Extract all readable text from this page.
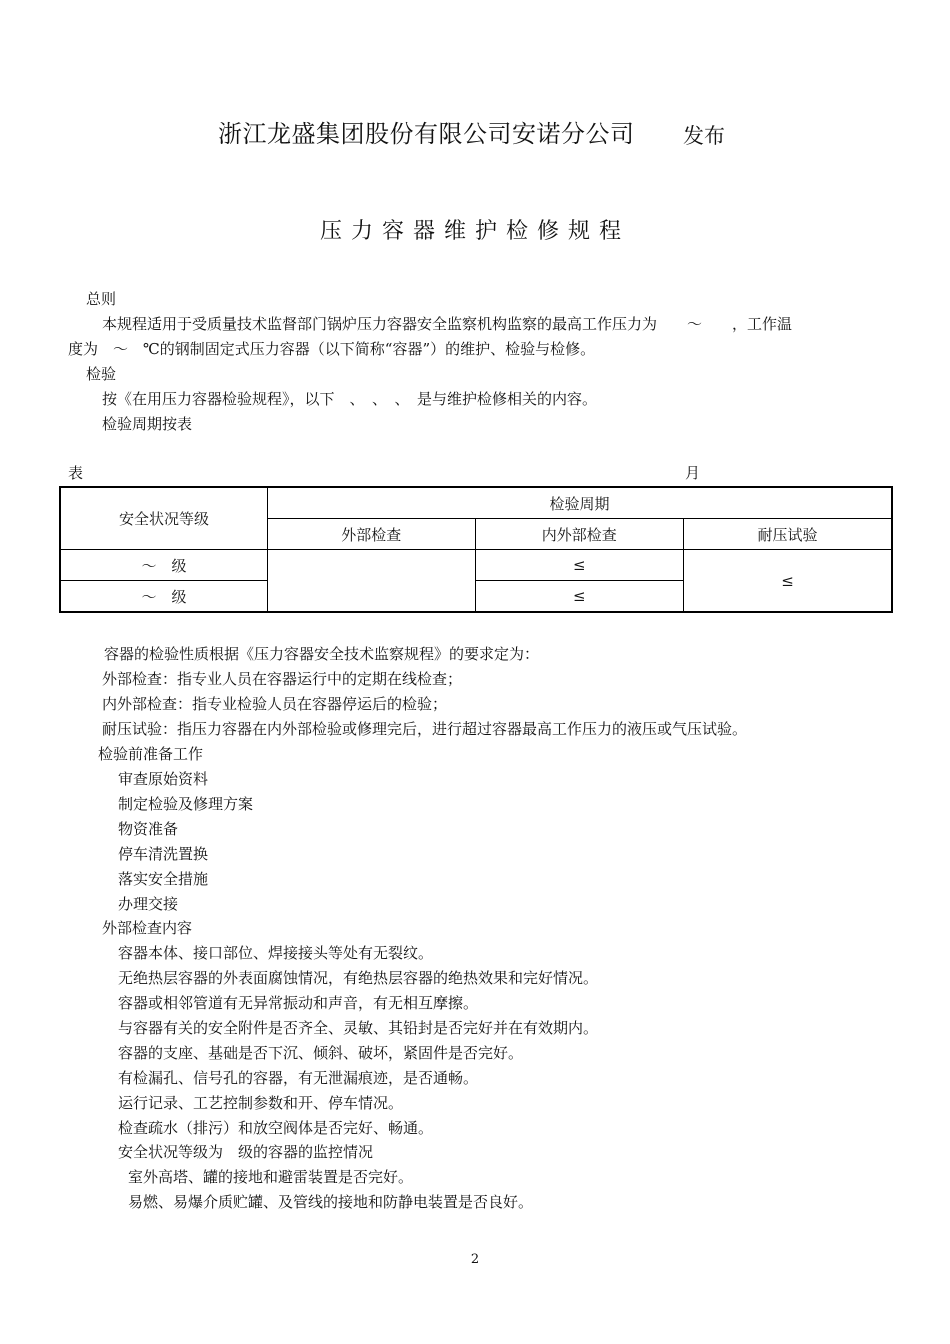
浙江龙盛集团股份有限公司安诺分公司 发布
压力容器维护检修规程
总则
本规程适用于受质量技术监督部门锅炉压力容器安全监察机构监察的最高工作压力为　　～　　，工作温
度为　～　℃的钢制固定式压力容器（以下简称“容器”）的维护、检验与检修。
检验
按《在用压力容器检验规程》，以下　、　、　、　是与维护检修相关的内容。
检验周期按表
表	月
安全状况等级	检验周期		
	外部检查	内外部检查	耐压试验
～　级		≤	≤
～　级		≤	
容器的检验性质根据《压力容器安全技术监察规程》的要求定为：
外部检查：指专业人员在容器运行中的定期在线检查；
内外部检查：指专业检验人员在容器停运后的检验；
耐压试验：指压力容器在内外部检验或修理完后，进行超过容器最高工作压力的液压或气压试验。
检验前准备工作
审查原始资料
制定检验及修理方案
物资准备
停车清洗置换
落实安全措施
办理交接
外部检查内容
容器本体、接口部位、焊接接头等处有无裂纹。
无绝热层容器的外表面腐蚀情况，有绝热层容器的绝热效果和完好情况。
容器或相邻管道有无异常振动和声音，有无相互摩擦。
与容器有关的安全附件是否齐全、灵敏、其铅封是否完好并在有效期内。
容器的支座、基础是否下沉、倾斜、破坏，紧固件是否完好。
有检漏孔、信号孔的容器，有无泄漏痕迹，是否通畅。
运行记录、工艺控制参数和开、停车情况。
检查疏水（排污）和放空阀体是否完好、畅通。
安全状况等级为　级的容器的监控情况
室外高塔、罐的接地和避雷装置是否完好。
易燃、易爆介质贮罐、及管线的接地和防静电装置是否良好。
2
